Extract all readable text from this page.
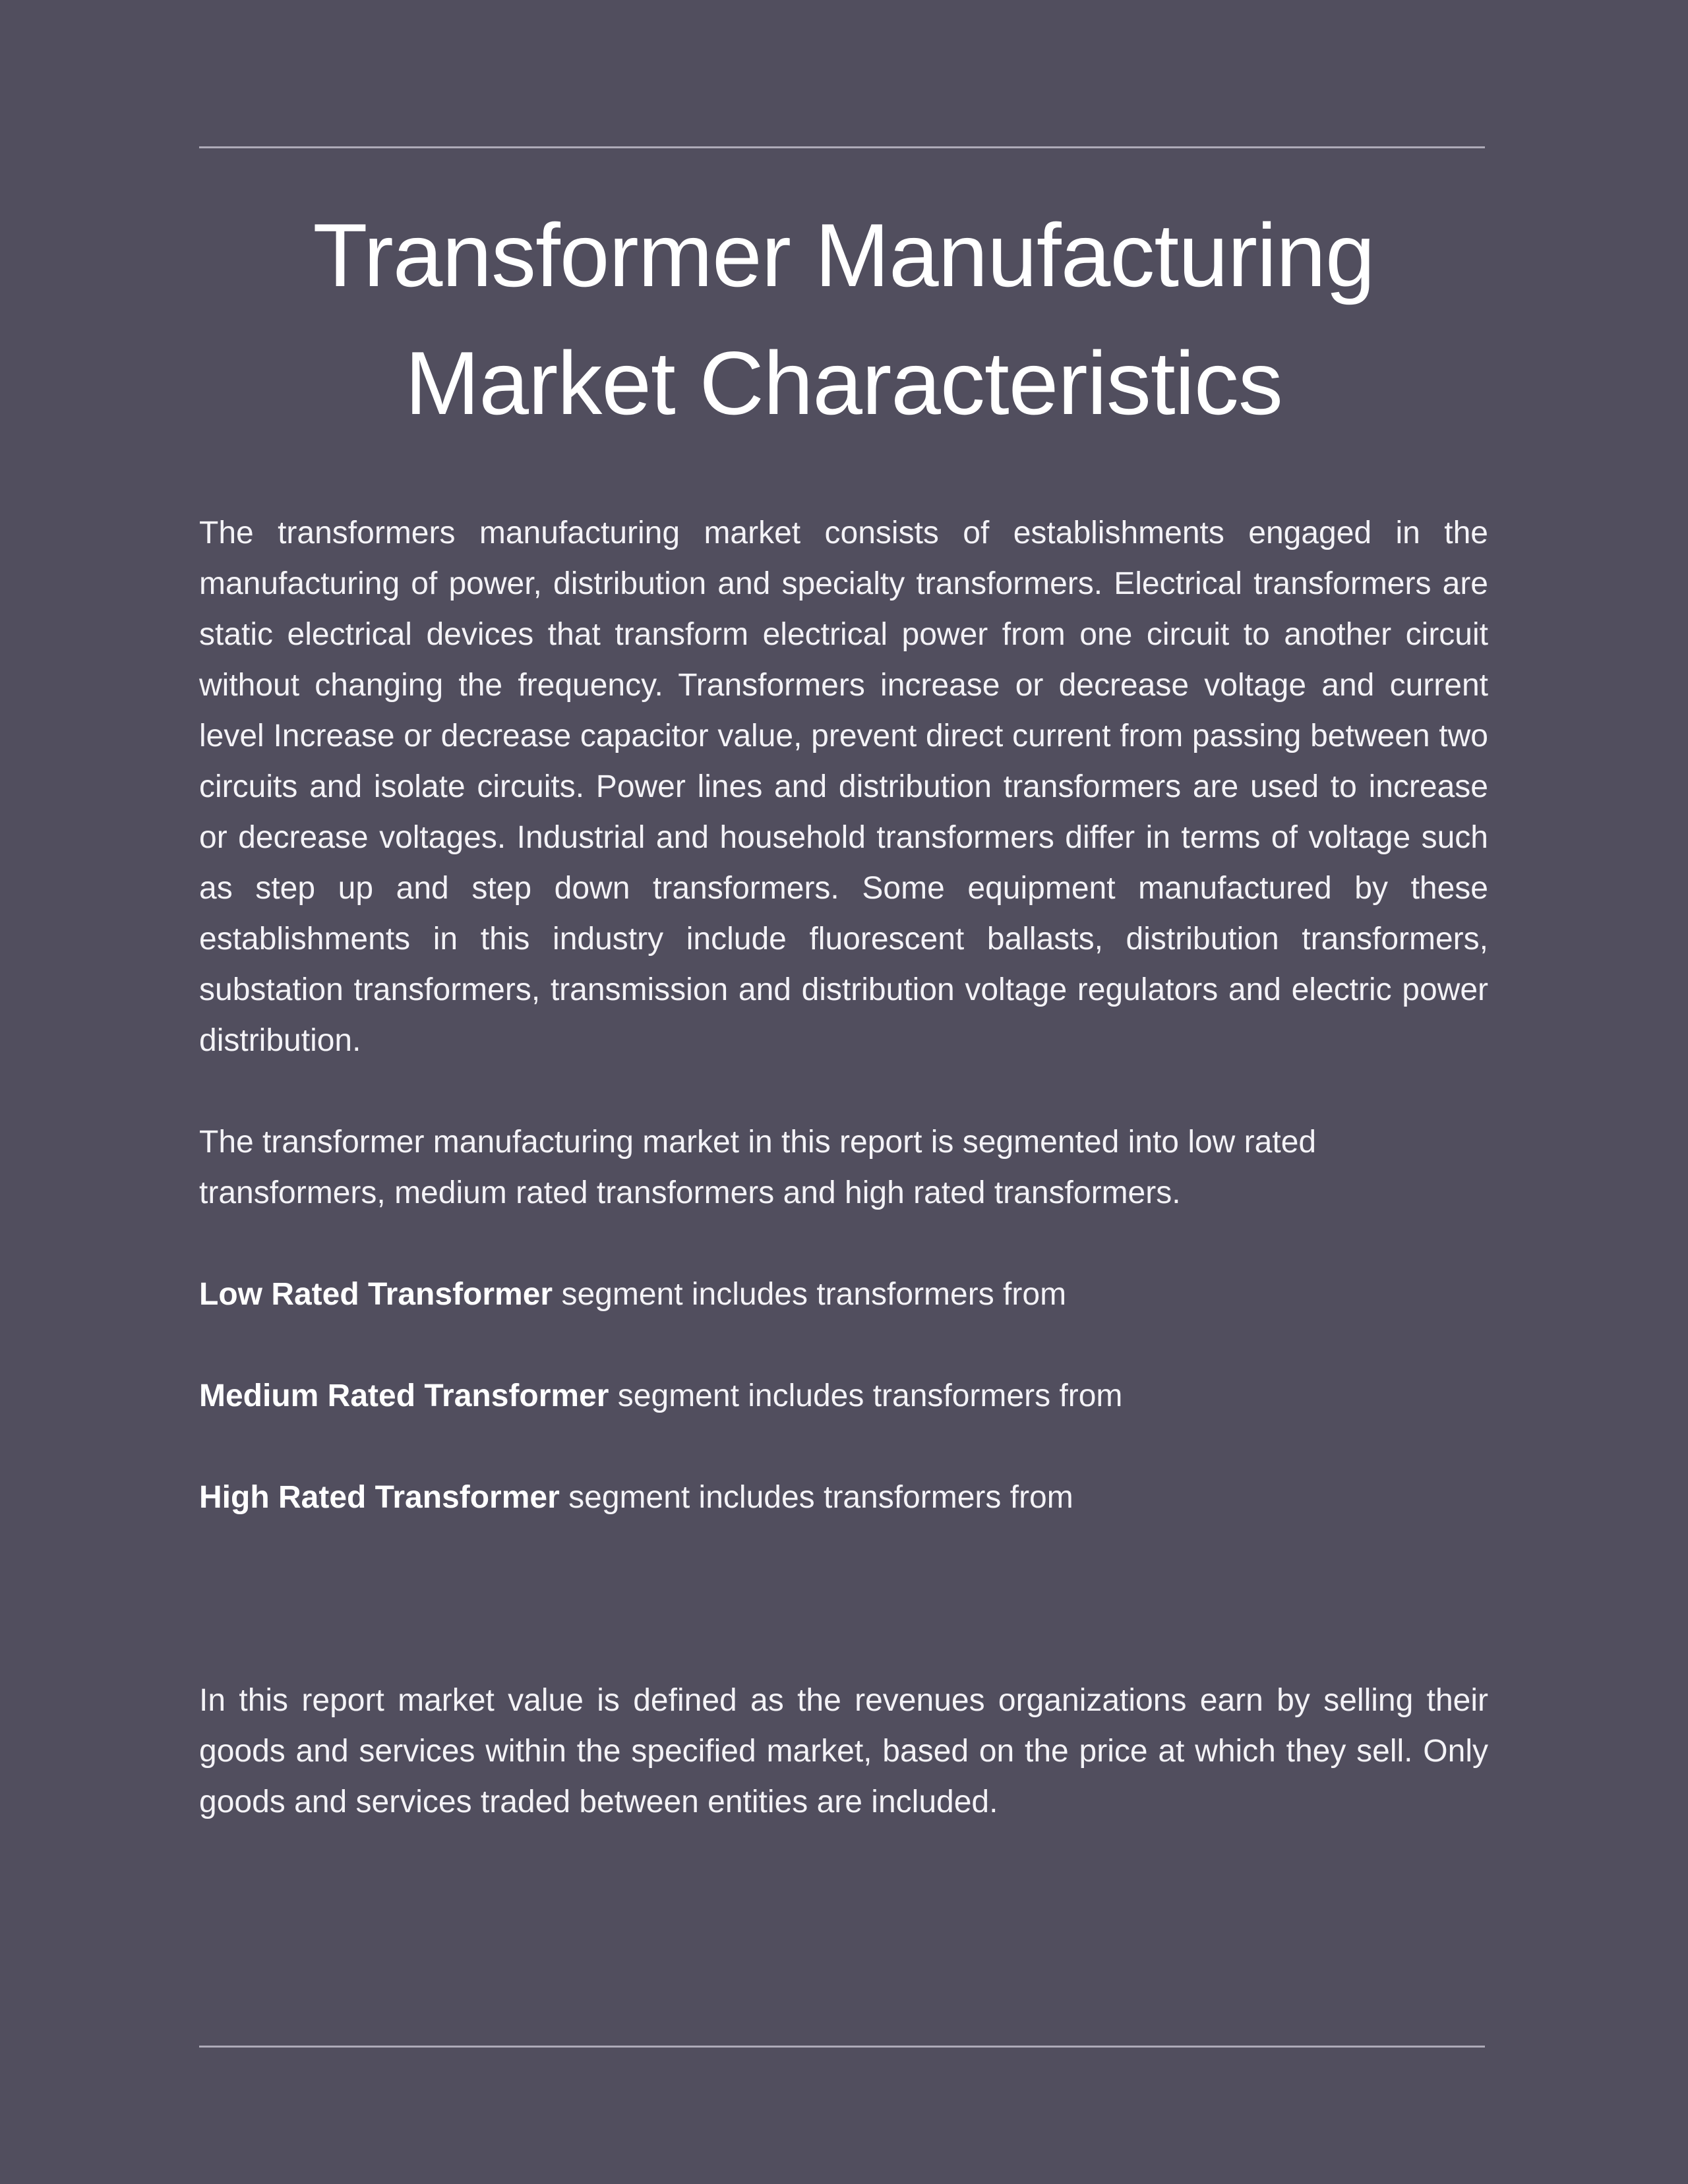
Transformer Manufacturing
Market Characteristics

The transformers manufacturing market consists of establishments engaged in the manufacturing of power, distribution and specialty transformers. Electrical transformers are static electrical devices that transform electrical power from one circuit to another circuit without changing the frequency. Transformers increase or decrease voltage and current level Increase or decrease capacitor value, prevent direct current from passing between two circuits and isolate circuits. Power lines and distribution transformers are used to increase or decrease voltages. Industrial and household transformers differ in terms of voltage such as step up and step down transformers. Some equipment manufactured by these establishments in this industry include fluorescent ballasts, distribution transformers, substation transformers, transmission and distribution voltage regulators and electric power distribution.

The transformer manufacturing market in this report is segmented into low rated transformers, medium rated transformers and high rated transformers.

Low Rated Transformer segment includes transformers from

Medium Rated Transformer segment includes transformers from

High Rated Transformer segment includes transformers from

In this report market value is defined as the revenues organizations earn by selling their goods and services within the specified market, based on the price at which they sell. Only goods and services traded between entities are included.
